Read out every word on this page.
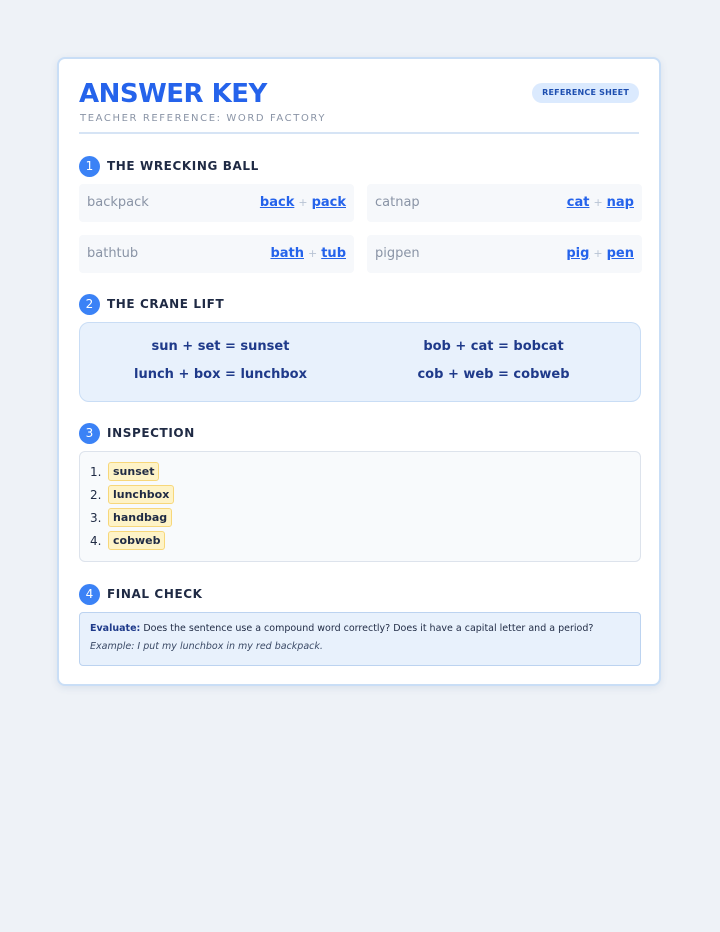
ANSWER KEY
TEACHER REFERENCE: WORD FACTORY
REFERENCE SHEET
1	THE WRECKING BALL
backpack	back + pack catnap	cat + nap
bathtub	bath + tub pigpen	pig + pen
2	THE CRANE LIFT
sun + set = sunset	bob + cat = bobcat
lunch + box = lunchbox	cob + web = cobweb
3	INSPECTION
1.	sunset
2.	lunchbox
3.	handbag
4.	cobweb
4	FINAL CHECK
Evaluate: Does the sentence use a compound word correctly? Does it have a capital letter and a period?
Example: I put my lunchbox in my red backpack.
